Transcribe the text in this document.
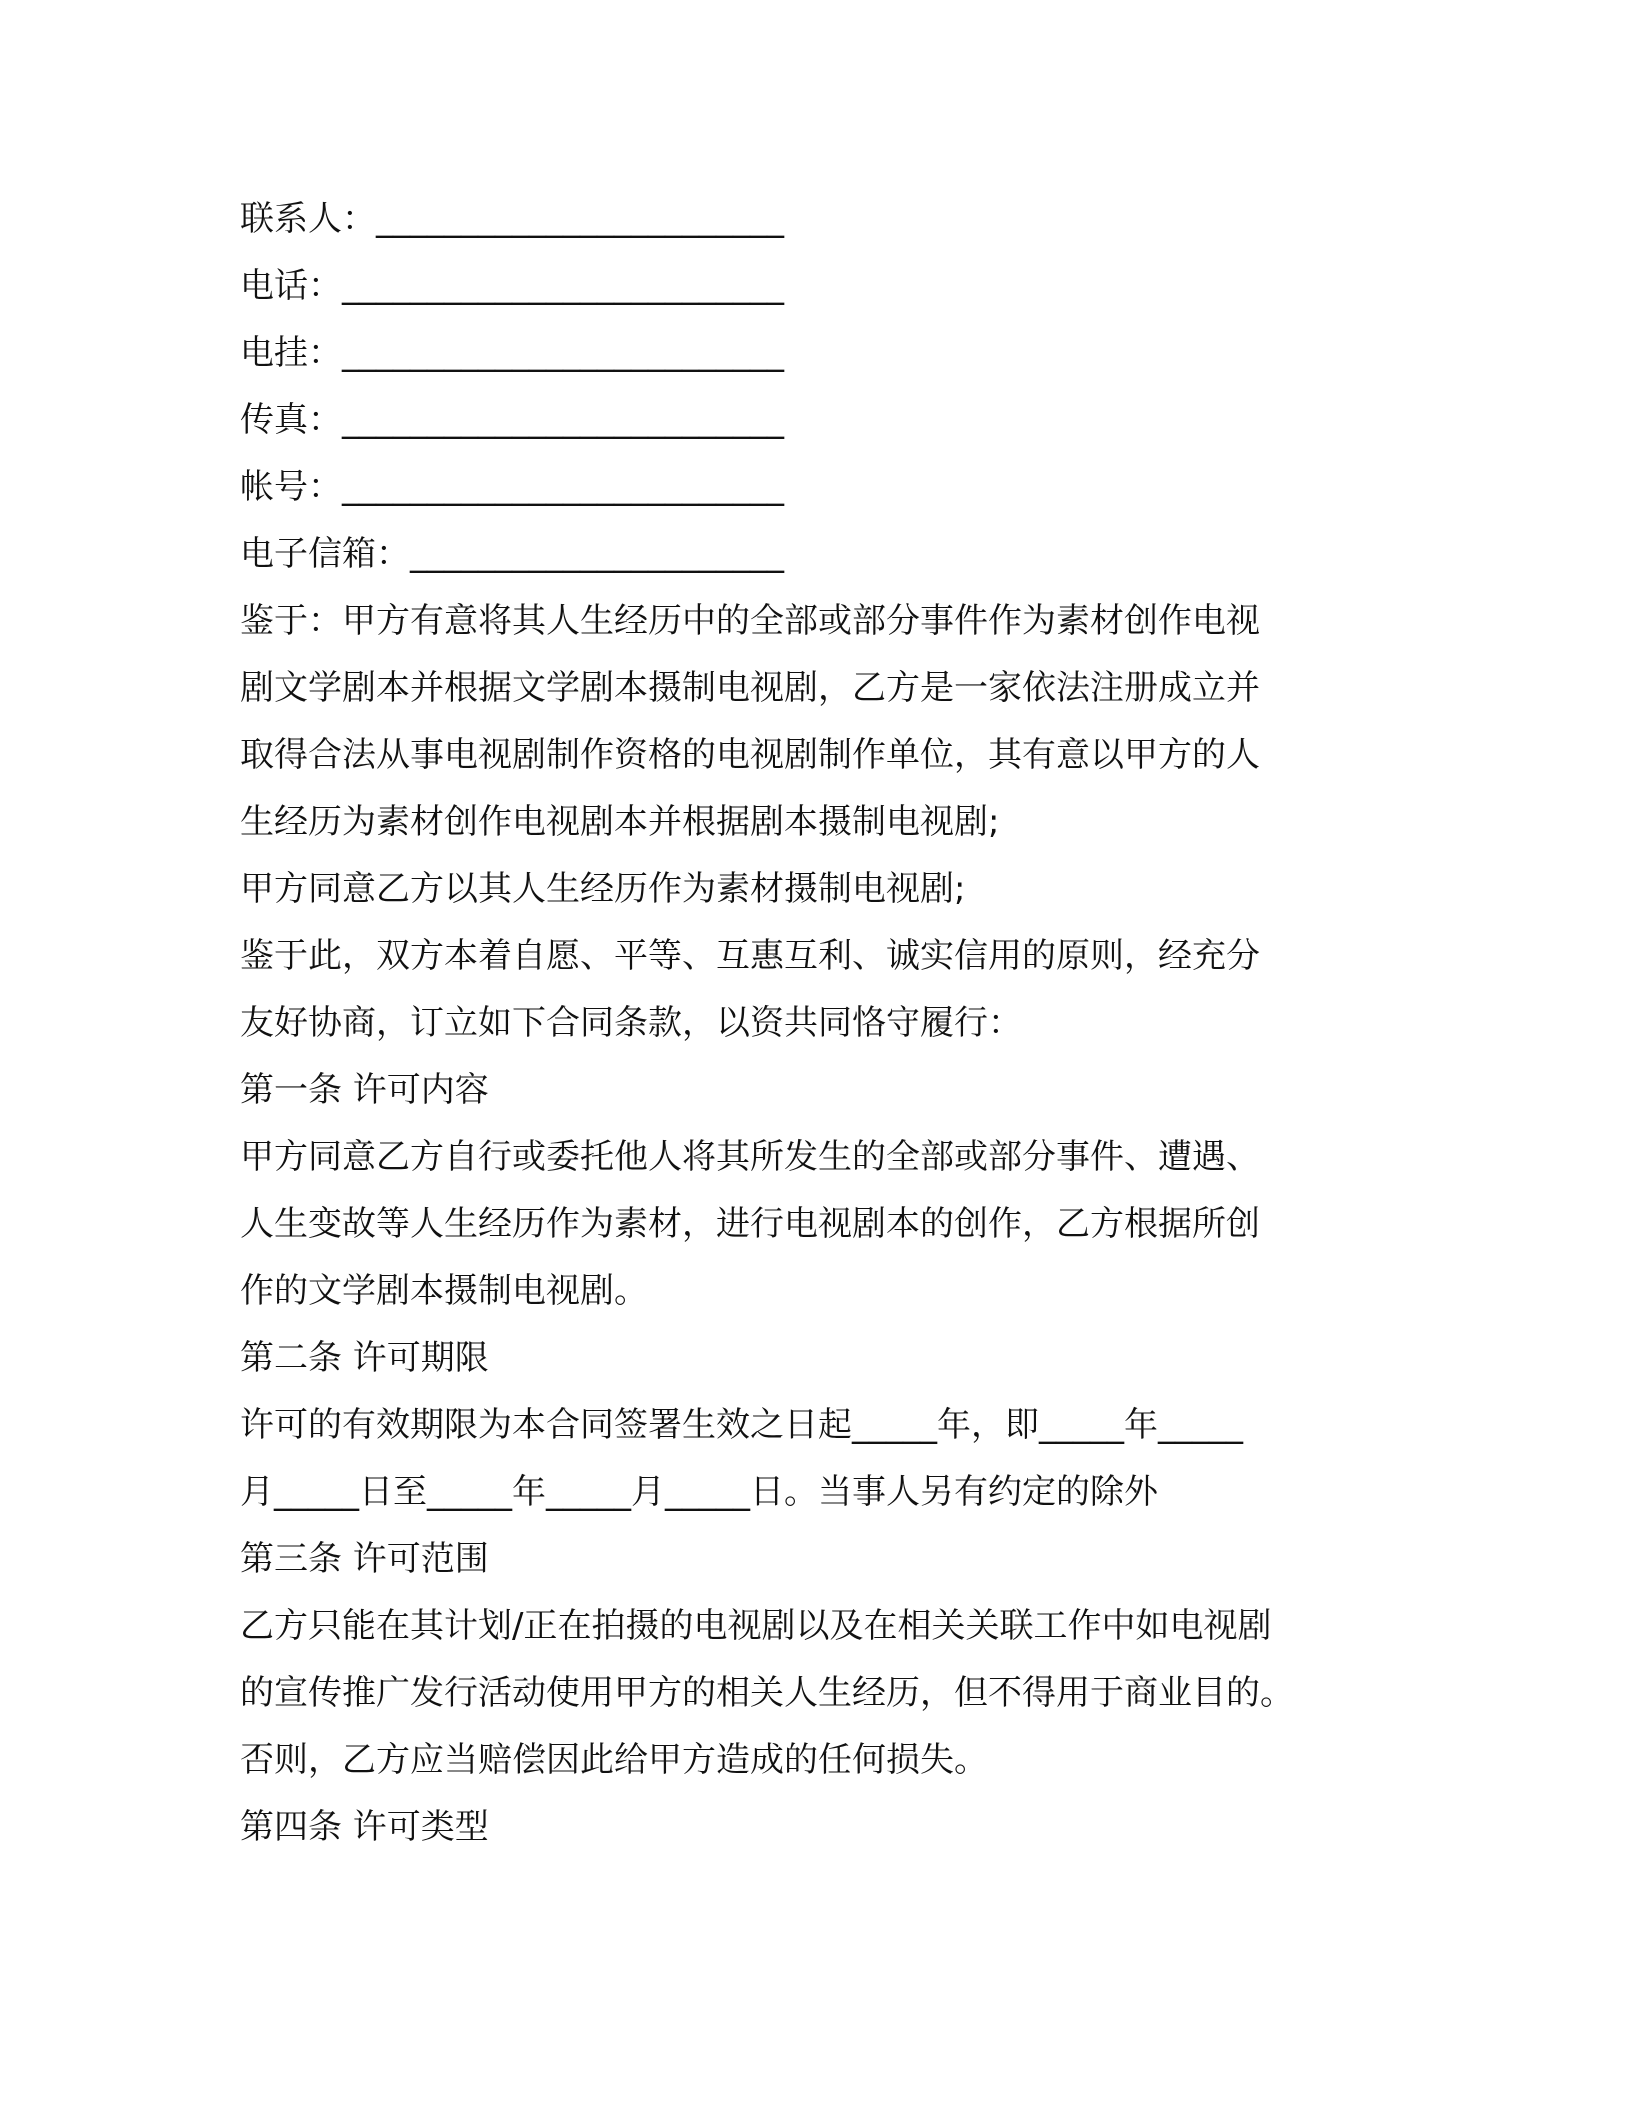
联系人：________________________
电话：__________________________
电挂：__________________________
传真：__________________________
帐号：__________________________
电子信箱：______________________
鉴于：甲方有意将其人生经历中的全部或部分事件作为素材创作电视
剧文学剧本并根据文学剧本摄制电视剧，乙方是一家依法注册成立并
取得合法从事电视剧制作资格的电视剧制作单位，其有意以甲方的人
生经历为素材创作电视剧本并根据剧本摄制电视剧;
甲方同意乙方以其人生经历作为素材摄制电视剧;
鉴于此，双方本着自愿、平等、互惠互利、诚实信用的原则，经充分
友好协商，订立如下合同条款，以资共同恪守履行：
第一条 许可内容
甲方同意乙方自行或委托他人将其所发生的全部或部分事件、遭遇、
人生变故等人生经历作为素材，进行电视剧本的创作，乙方根据所创
作的文学剧本摄制电视剧。
第二条 许可期限
许可的有效期限为本合同签署生效之日起_____年，即_____年_____
月_____日至_____年_____月_____日。当事人另有约定的除外
第三条 许可范围
乙方只能在其计划/正在拍摄的电视剧以及在相关关联工作中如电视剧
的宣传推广发行活动使用甲方的相关人生经历，但不得用于商业目的。
否则，乙方应当赔偿因此给甲方造成的任何损失。
第四条 许可类型
